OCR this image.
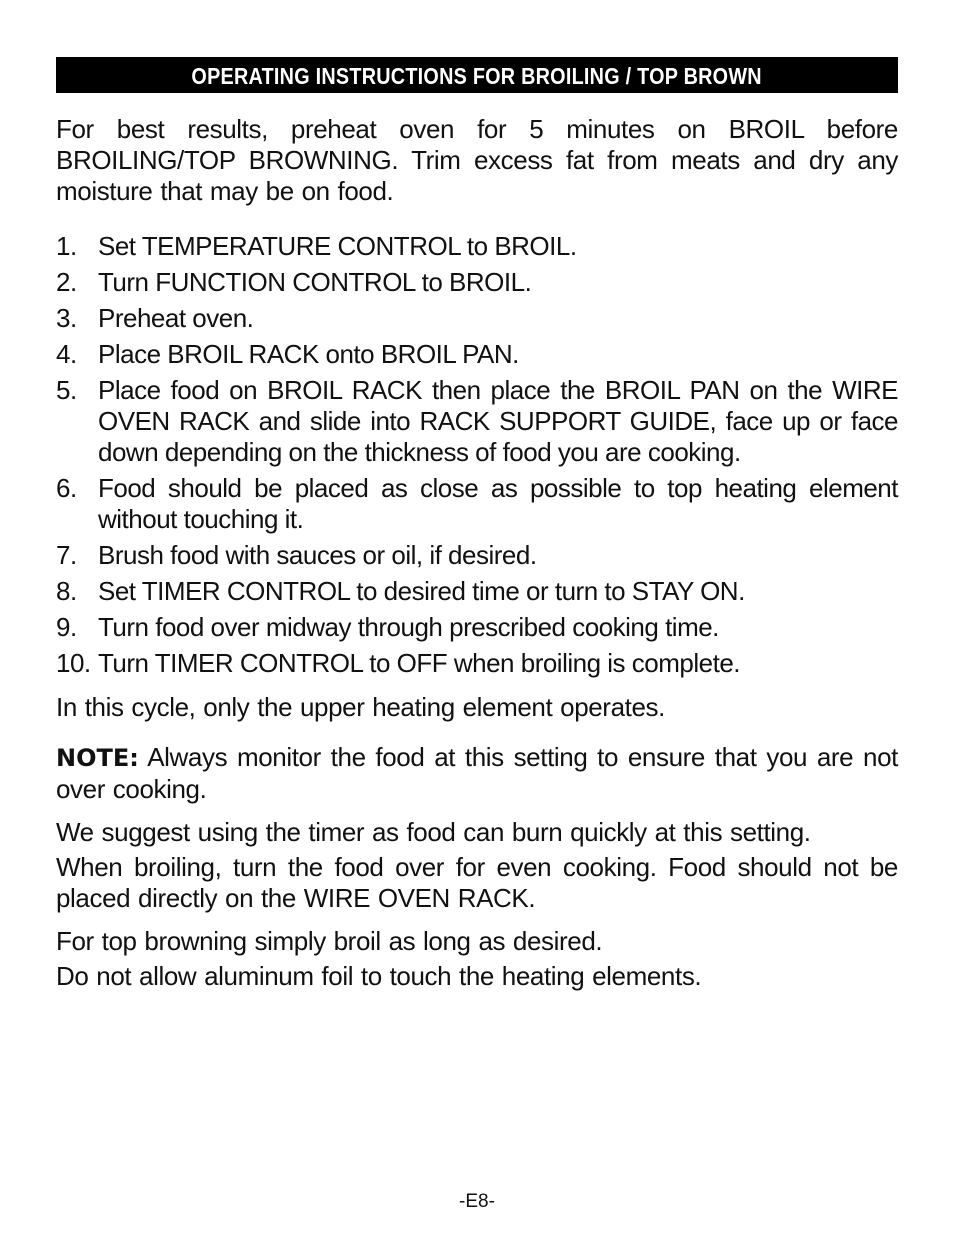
OPERATING INSTRUCTIONS FOR BROILING / TOP BROWN

For best results, preheat oven for 5 minutes on BROIL before BROILING/TOP BROWNING. Trim excess fat from meats and dry any moisture that may be on food.

1. Set TEMPERATURE CONTROL to BROIL.
2. Turn FUNCTION CONTROL to BROIL.
3. Preheat oven.
4. Place BROIL RACK onto BROIL PAN.
5. Place food on BROIL RACK then place the BROIL PAN on the WIRE OVEN RACK and slide into RACK SUPPORT GUIDE, face up or face down depending on the thickness of food you are cooking.
6. Food should be placed as close as possible to top heating element without touching it.
7. Brush food with sauces or oil, if desired.
8. Set TIMER CONTROL to desired time or turn to STAY ON.
9. Turn food over midway through prescribed cooking time.
10. Turn TIMER CONTROL to OFF when broiling is complete.

In this cycle, only the upper heating element operates.

NOTE: Always monitor the food at this setting to ensure that you are not over cooking.

We suggest using the timer as food can burn quickly at this setting.

When broiling, turn the food over for even cooking. Food should not be placed directly on the WIRE OVEN RACK.

For top browning simply broil as long as desired.

Do not allow aluminum foil to touch the heating elements.

-E8-
